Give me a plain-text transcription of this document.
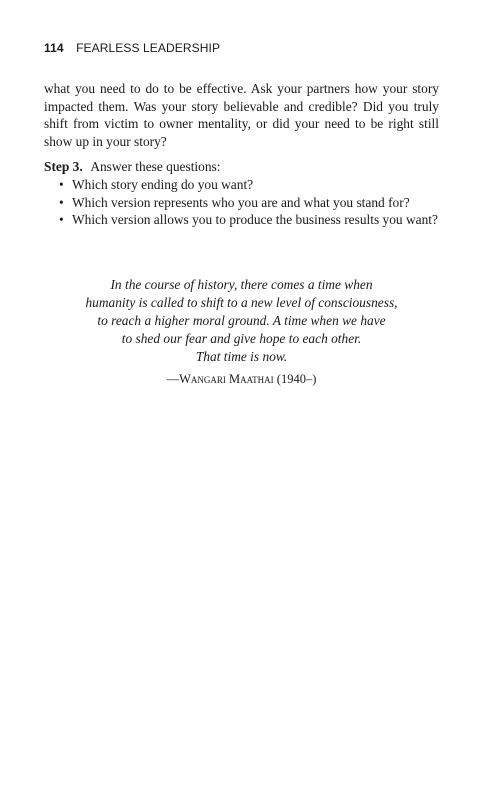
114 FEARLESS LEADERSHIP

what you need to do to be effective. Ask your partners how your story impacted them. Was your story believable and credible? Did you truly shift from victim to owner mentality, or did your need to be right still show up in your story?

Step 3. Answer these questions:

• Which story ending do you want?
• Which version represents who you are and what you stand for?
• Which version allows you to produce the business results you want?
In the course of history, there comes a time when
humanity is called to shift to a new level of consciousness,
to reach a higher moral ground. A time when we have
to shed our fear and give hope to each other.
That time is now.
—Wangari Maathai (1940–)
